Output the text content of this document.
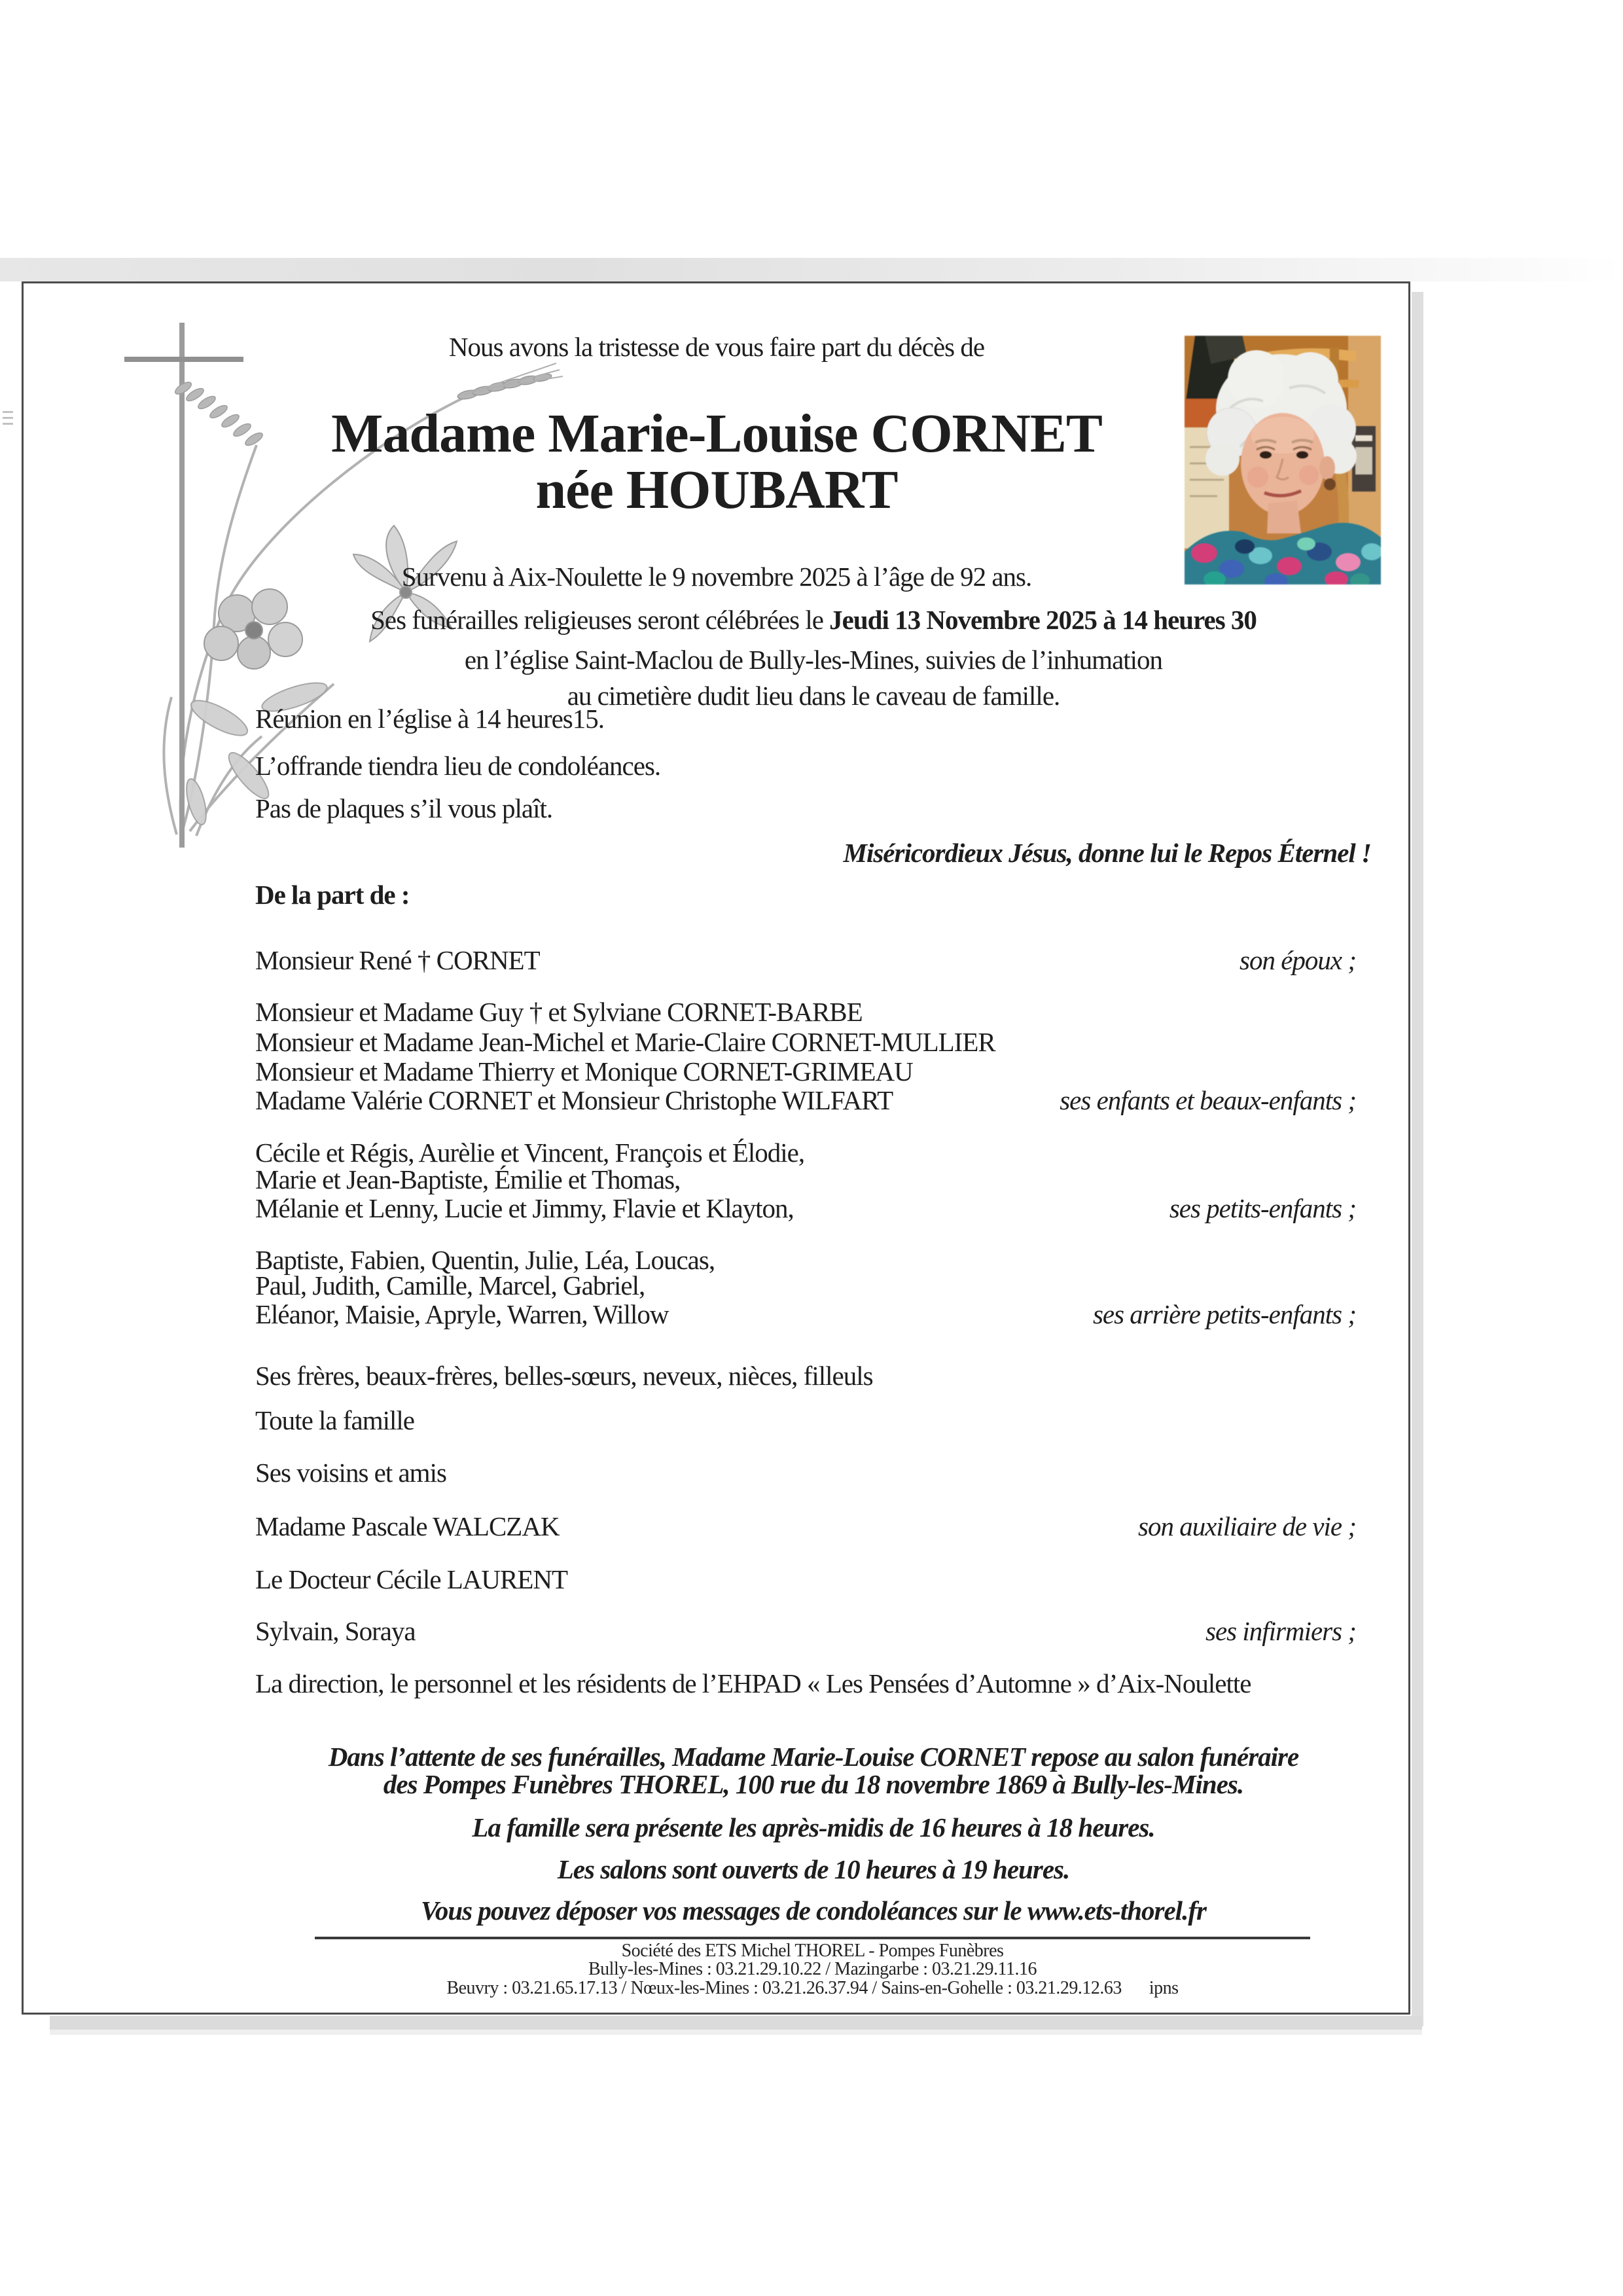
Nous avons la tristesse de vous faire part du décès de
Madame Marie-Louise CORNET
née HOUBART
Survenu à Aix-Noulette le 9 novembre 2025 à l’âge de 92 ans.
Ses funérailles religieuses seront célébrées le Jeudi 13 Novembre 2025 à 14 heures 30
en l’église Saint-Maclou de Bully-les-Mines, suivies de l’inhumation
au cimetière dudit lieu dans le caveau de famille.
Réunion en l’église à 14 heures15.
L’offrande tiendra lieu de condoléances.
Pas de plaques s’il vous plaît.
Miséricordieux Jésus, donne lui le Repos Éternel !
De la part de :
Monsieur René † CORNET	son époux ;
Monsieur et Madame Guy † et Sylviane CORNET-BARBE
Monsieur et Madame Jean-Michel et Marie-Claire CORNET-MULLIER
Monsieur et Madame Thierry et Monique CORNET-GRIMEAU
Madame Valérie CORNET et Monsieur Christophe WILFART	ses enfants et beaux-enfants ;
Cécile et Régis, Aurèlie et Vincent, François et Élodie,
Marie et Jean-Baptiste, Émilie et Thomas,
Mélanie et Lenny, Lucie et Jimmy, Flavie et Klayton,	ses petits-enfants ;
Baptiste, Fabien, Quentin, Julie, Léa, Loucas,
Paul, Judith, Camille, Marcel, Gabriel,
Eléanor, Maisie, Apryle, Warren, Willow	ses arrière petits-enfants ;
Ses frères, beaux-frères, belles-sœurs, neveux, nièces, filleuls
Toute la famille
Ses voisins et amis
Madame Pascale WALCZAK	son auxiliaire de vie ;
Le Docteur Cécile LAURENT
Sylvain, Soraya	ses infirmiers ;
La direction, le personnel et les résidents de l’EHPAD « Les Pensées d’Automne » d’Aix-Noulette
Dans l’attente de ses funérailles, Madame Marie-Louise CORNET repose au salon funéraire
des Pompes Funèbres THOREL, 100 rue du 18 novembre 1869 à Bully-les-Mines.
La famille sera présente les après-midis de 16 heures à 18 heures.
Les salons sont ouverts de 10 heures à 19 heures.
Vous pouvez déposer vos messages de condoléances sur le www.ets-thorel.fr
Société des ETS Michel THOREL - Pompes Funèbres
Bully-les-Mines : 03.21.29.10.22 / Mazingarbe : 03.21.29.11.16
Beuvry : 03.21.65.17.13 / Nœux-les-Mines : 03.21.26.37.94 / Sains-en-Gohelle : 03.21.29.12.63 ipns
